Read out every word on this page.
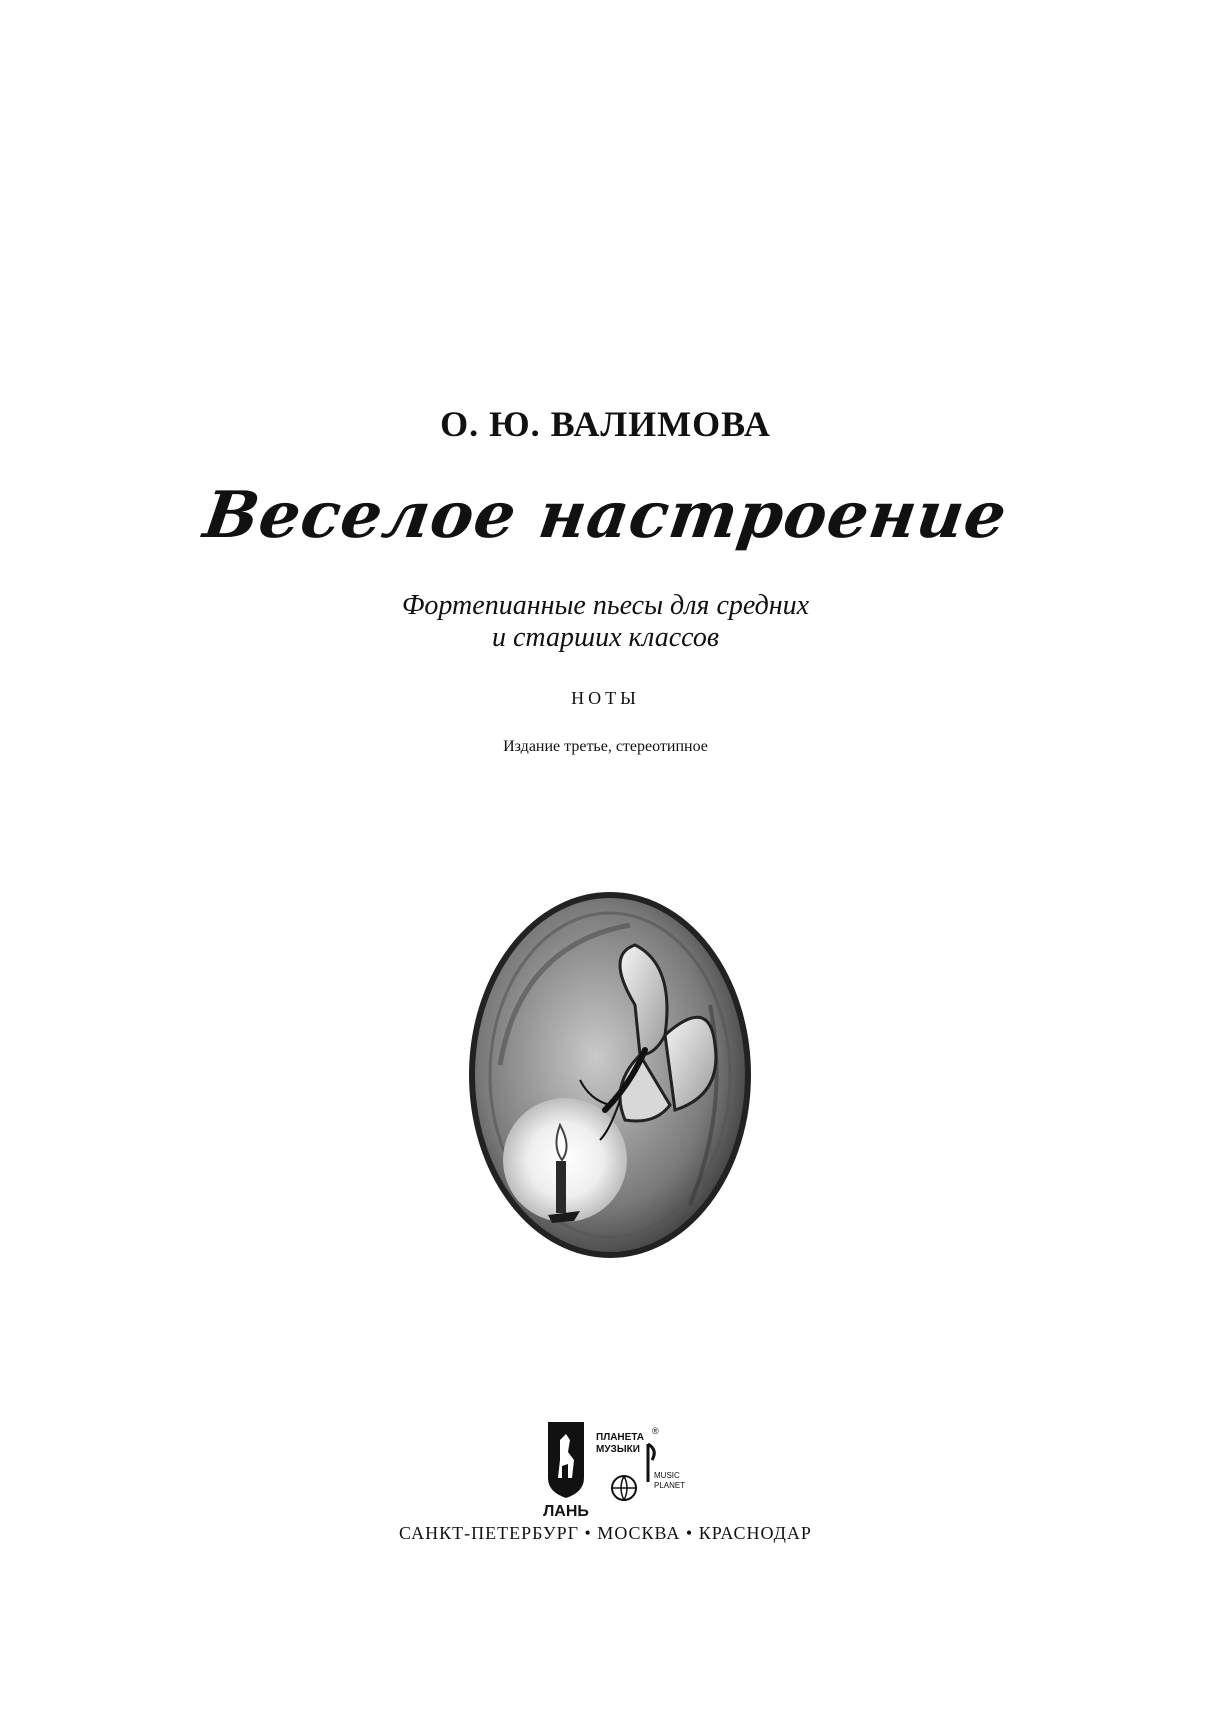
О. Ю. ВАЛИМОВА
Веселое настроение
Фортепианные пьесы для средних
и старших классов
НОТЫ
Издание третье, стереотипное
ЛАНЬ
ПЛАНЕТА
®
МУЗЫКИ
MUSIC
PLANET
САНКТ-ПЕТЕРБУРГ • МОСКВА • КРАСНОДАР
